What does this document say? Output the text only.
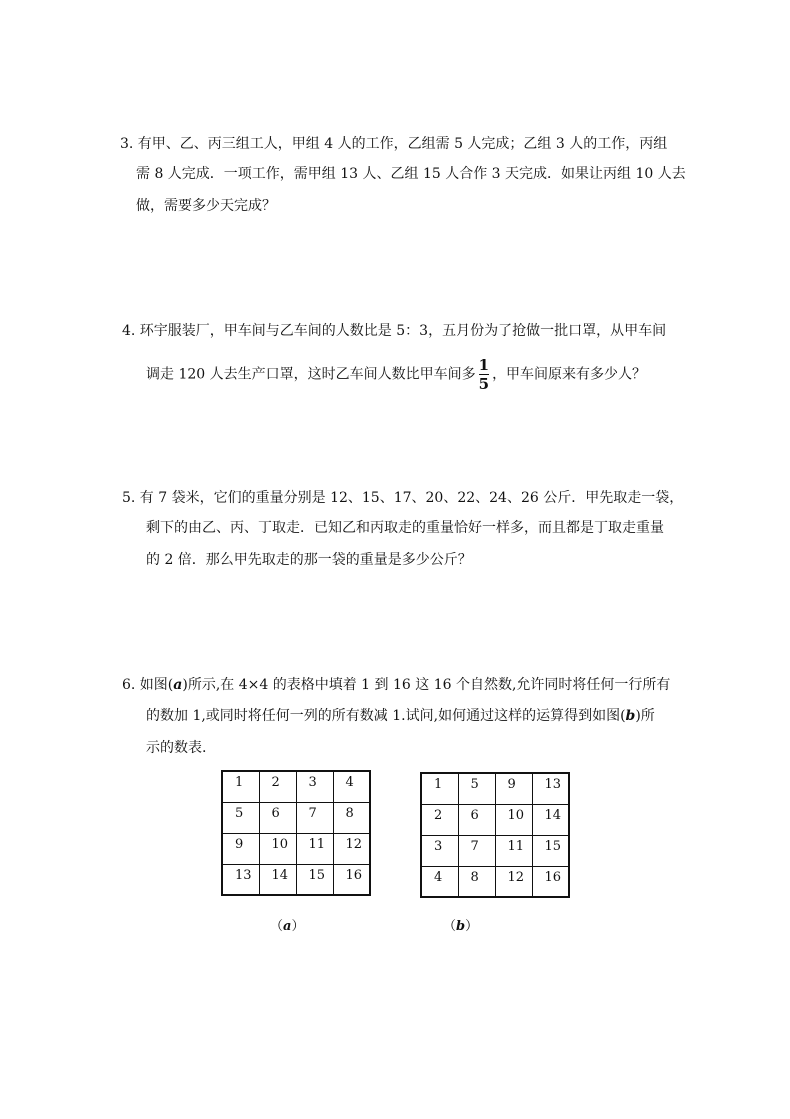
3. 有甲、乙、丙三组工人，甲组 4 人的工作，乙组需 5 人完成；乙组 3 人的工作，丙组
需 8 人完成．一项工作，需甲组 13 人、乙组 15 人合作 3 天完成．如果让丙组 10 人去
做，需要多少天完成？
4. 环宇服装厂，甲车间与乙车间的人数比是 5：3，五月份为了抢做一批口罩，从甲车间
调走 120 人去生产口罩，这时乙车间人数比甲车间多 $\frac{1}{5}$ ，甲车间原来有多少人？
5. 有 7 袋米，它们的重量分别是 12、15、17、20、22、24、26 公斤．甲先取走一袋，
剩下的由乙、丙、丁取走．已知乙和丙取走的重量恰好一样多，而且都是丁取走重量
的 2 倍．那么甲先取走的那一袋的重量是多少公斤？
6. 如图(a)所示,在 4×4 的表格中填着 1 到 16 这 16 个自然数,允许同时将任何一行所有
的数加 1,或同时将任何一列的所有数减 1.试问,如何通过这样的运算得到如图(b)所
示的数表.
1	2	3	4
5	6	7	8
9	10	11	12
13	14	15	16
（a）
1	5	9	13
2	6	10	14
3	7	11	15
4	8	12	16
（b）
